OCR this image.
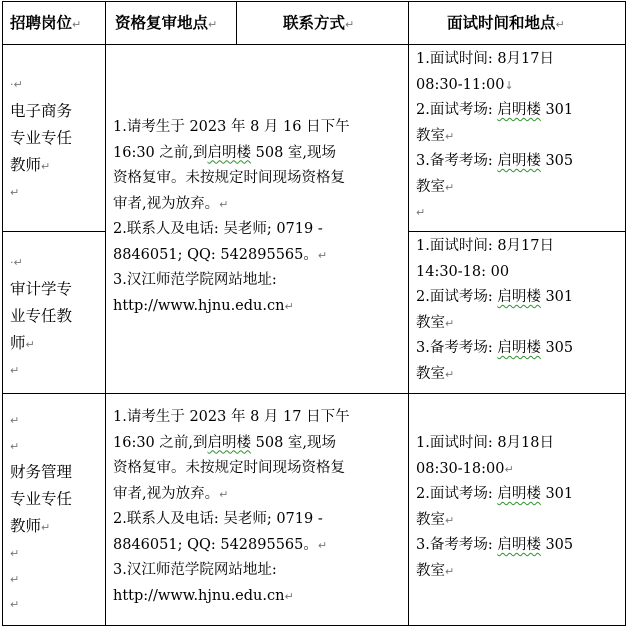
招聘岗位↵ 资格复审地点↵	联系方式↵	面试时间和地点↵
·↵
电子商务
专业专任
教师↵
↵
·↵
审计学专
业专任教
师↵
↵
↵
↵
财务管理
专业专任
教师↵
↵
↵
↵
1.请考生于 2023 年 8 月 16 日下午
16:30 之前,到启明楼 508 室,现场
资格复审。未按规定时间现场资格复
审者,视为放弃。↵
2.联系人及电话: 吴老师; 0719 -
8846051; QQ: 542895565。↵
3.汉江师范学院网站地址:
http://www.hjnu.edu.cn↵
1.请考生于 2023 年 8 月 17 日下午
16:30 之前,到启明楼 508 室,现场
资格复审。未按规定时间现场资格复
审者,视为放弃。↵
2.联系人及电话: 吴老师; 0719 -
8846051; QQ: 542895565。↵
3.汉江师范学院网站地址:
http://www.hjnu.edu.cn↵
1.面试时间: 8月17日
08:30-11:00↓
2.面试考场: 启明楼 301
教室↵
3.备考考场: 启明楼 305
教室↵
↵
1.面试时间: 8月17日
14:30-18: 00
2.面试考场: 启明楼 301
教室↵
3.备考考场: 启明楼 305
教室↵
1.面试时间: 8月18日
08:30-18:00↵
2.面试考场: 启明楼 301
教室↵
3.备考考场: 启明楼 305
教室↵
